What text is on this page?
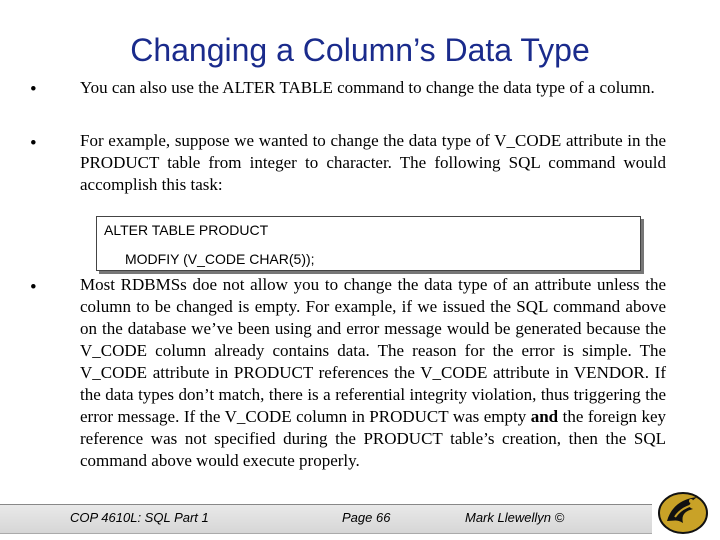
Changing a Column’s Data Type
•	You can also use the ALTER TABLE command to change the data type of a column.
•	For example, suppose we wanted to change the data type of V_CODE attribute in the PRODUCT table from integer to character. The following SQL command would accomplish this task:
ALTER TABLE PRODUCT
MODFIY (V_CODE CHAR(5));
•	Most RDBMSs doe not allow you to change the data type of an attribute unless the column to be changed is empty. For example, if we issued the SQL command above on the database we’ve been using and error message would be generated because the V_CODE column already contains data. The reason for the error is simple. The V_CODE attribute in PRODUCT references the V_CODE attribute in VENDOR. If the data types don’t match, there is a referential integrity violation, thus triggering the error message. If the V_CODE column in PRODUCT was empty and the foreign key reference was not specified during the PRODUCT table’s creation, then the SQL command above would execute properly.
COP 4610L: SQL Part 1	Page 66	Mark Llewellyn ©
